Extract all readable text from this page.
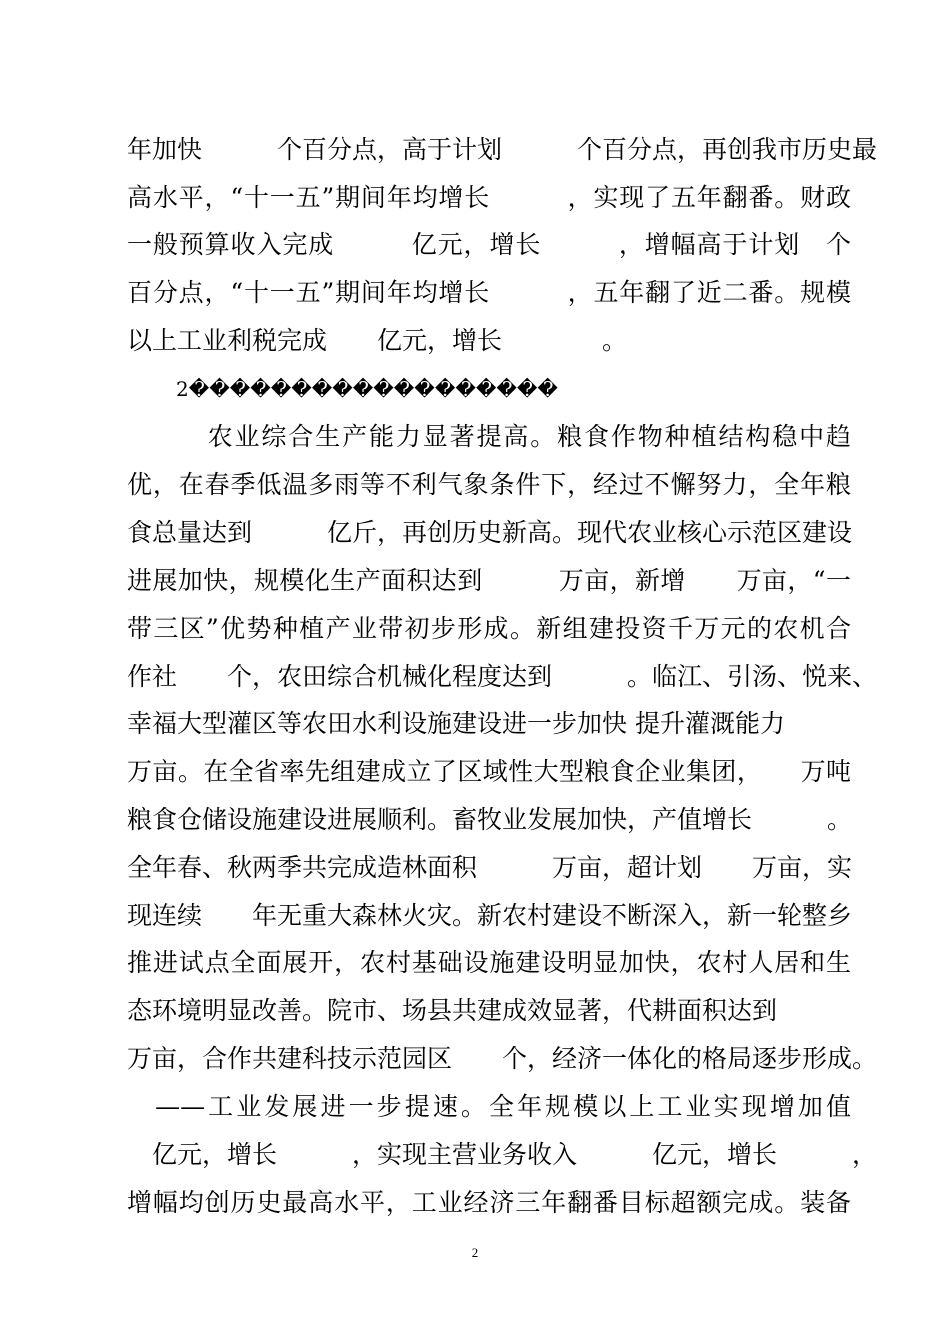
年加快　　　个百分点，高于计划　　　个百分点，再创我市历史最
高水平，“十一五”期间年均增长　　　，实现了五年翻番。财政
一般预算收入完成　　　亿元，增长　　　，增幅高于计划　个
百分点，“十一五”期间年均增长　　　，五年翻了近二番。规模
以上工业利税完成　　亿元，增长　　　　。
2������������������
　　　农业综合生产能力显著提高。粮食作物种植结构稳中趋
优，在春季低温多雨等不利气象条件下，经过不懈努力，全年粮
食总量达到　　　亿斤，再创历史新高。现代农业核心示范区建设
进展加快，规模化生产面积达到　　　万亩，新增　　万亩，“一
带三区”优势种植产业带初步形成。新组建投资千万元的农机合
作社　　个，农田综合机械化程度达到　　　。临江、引汤、悦来、
幸福大型灌区等农田水利设施建设进一步加快 提升灌溉能力
万亩。在全省率先组建成立了区域性大型粮食企业集团，　　万吨
粮食仓储设施建设进展顺利。畜牧业发展加快，产值增长　　　。
全年春、秋两季共完成造林面积　　　万亩，超计划　　万亩，实
现连续　　年无重大森林火灾。新农村建设不断深入，新一轮整乡
推进试点全面展开，农村基础设施建设明显加快，农村人居和生
态环境明显改善。院市、场县共建成效显著，代耕面积达到
万亩，合作共建科技示范园区　　个，经济一体化的格局逐步形成。
　——工业发展进一步提速。全年规模以上工业实现增加值
　亿元，增长　　　，实现主营业务收入　　　亿元，增长　　　，
增幅均创历史最高水平，工业经济三年翻番目标超额完成。装备
2
